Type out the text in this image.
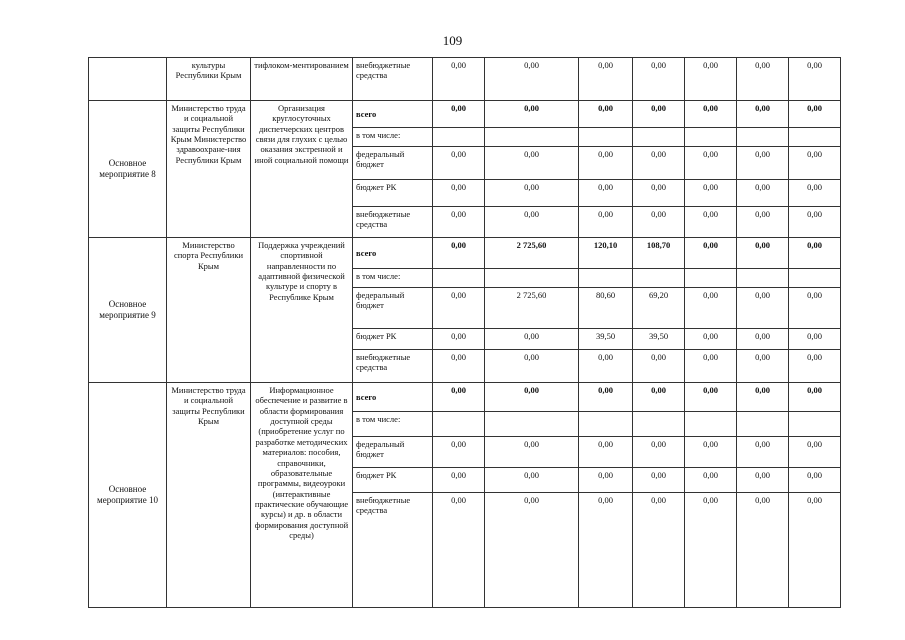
109
	культуры Республики Крым	тифлоком-ментированием	внебюджетные средства	0,00	0,00	0,00	0,00	0,00	0,00	0,00
Основное мероприятие 8	Министерство труда и социальной защиты Республики Крым Министерство здравоохране-ния Республики Крым	Организация круглосуточных диспетчерских центров связи для глухих с целью оказания экстренной и иной социальной помощи	всего	0,00	0,00	0,00	0,00	0,00	0,00	0,00
			в том числе:							
			федеральный бюджет	0,00	0,00	0,00	0,00	0,00	0,00	0,00
			бюджет РК	0,00	0,00	0,00	0,00	0,00	0,00	0,00
			внебюджетные средства	0,00	0,00	0,00	0,00	0,00	0,00	0,00
Основное мероприятие 9	Министерство спорта Республики Крым	Поддержка учреждений спортивной направленности по адаптивной физической культуре и спорту в Республике Крым	всего	0,00	2 725,60	120,10	108,70	0,00	0,00	0,00
			в том числе:							
			федеральный бюджет	0,00	2 725,60	80,60	69,20	0,00	0,00	0,00
			бюджет РК	0,00	0,00	39,50	39,50	0,00	0,00	0,00
			внебюджетные средства	0,00	0,00	0,00	0,00	0,00	0,00	0,00
Основное мероприятие 10	Министерство труда и социальной защиты Республики Крым	Информационное обеспечение и развитие в области формирования доступной среды (приобретение услуг по разработке методических материалов: пособия, справочники, образовательные программы, видеоуроки (интерактивные практические обучающие курсы) и др. в области формирования доступной среды)	всего	0,00	0,00	0,00	0,00	0,00	0,00	0,00
			в том числе:							
			федеральный бюджет	0,00	0,00	0,00	0,00	0,00	0,00	0,00
			бюджет РК	0,00	0,00	0,00	0,00	0,00	0,00	0,00
			внебюджетные средства	0,00	0,00	0,00	0,00	0,00	0,00	0,00
